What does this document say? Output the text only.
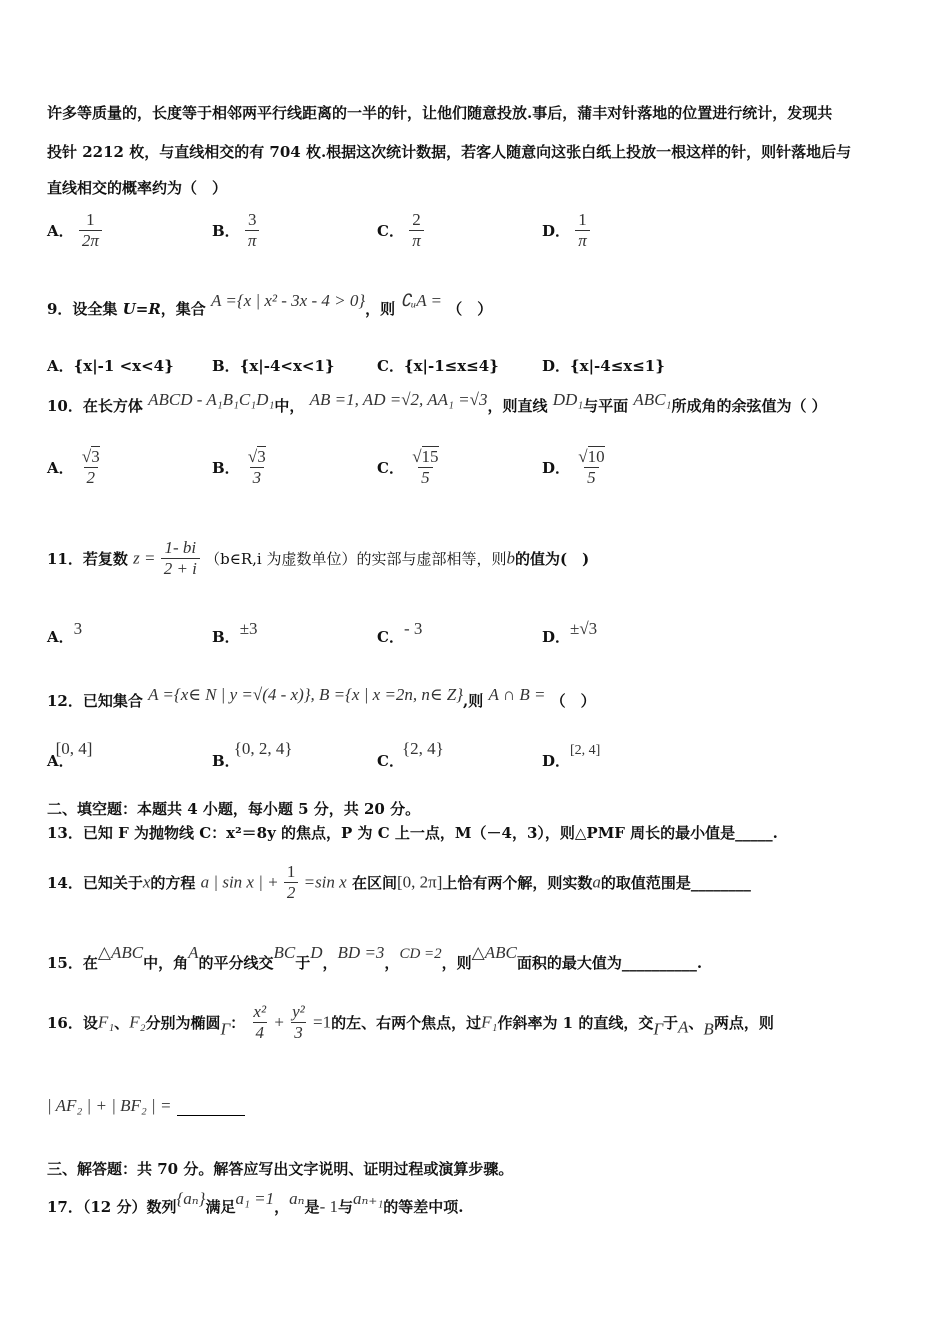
许多等质量的，长度等于相邻两平行线距离的一半的针，让他们随意投放.事后，蒲丰对针落地的位置进行统计，发现共
投针 2212 枚，与直线相交的有 704 枚.根据这次统计数据，若客人随意向这张白纸上投放一根这样的针，则针落地后与
直线相交的概率约为（　）
A． $\frac{1}{2\pi}$	B． $\frac{3}{\pi}$	C． $\frac{2}{\pi}$	D． $\frac{1}{\pi}$
9．设全集 U=R，集合 A ={x | x² - 3x - 4 > 0}，则 ∁ᵤA = （　）
A．{x|-1 <x<4}	B．{x|-4<x<1}	C．{x|-1≤x≤4}	D．{x|-4≤x≤1}
10．在长方体 ABCD - A₁B₁C₁D₁中， AB =1, AD =√2, AA₁ =√3，则直线 DD₁与平面 ABC₁所成角的余弦值为（ ）
A． $\frac{√3}{2}$	B． $\frac{√3}{3}$	C． $\frac{√15}{5}$	D． $\frac{√10}{5}$
11．若复数 $z = \frac{1- bi}{2 + i}$ （b∈R,i 为虚数单位）的实部与虚部相等，则b的值为(　)
A．3	B．±3	C．- 3	D．±√3
12．已知集合 A ={x∈ N | y =√(4 - x)}, B ={x | x =2n, n∈ Z},则 A ∩ B = （　）
A．[0, 4]
B．{0, 2, 4}
C．{2, 4}
D．[2, 4]
二、填空题：本题共 4 小题，每小题 5 分，共 20 分。
13．已知 F 为抛物线 C：x²＝8y 的焦点，P 为 C 上一点，M（－4，3），则△PMF 周长的最小值是_____.
14．已知关于x的方程 a | sin x | + $\frac{1}{2} =\sin$ x 在区间[0, 2π]上恰有两个解，则实数a的取值范围是________
15．在△ABC中，角A的平分线交BC于D，BD =3，CD =2，则△ABC面积的最大值为__________.
16．设F₁、F₂分别为椭圆Γ： $\frac{\text{x²}}{4} + \frac{\text{y²}}{3} =1$的左、右两个焦点，过F₁作斜率为 1 的直线，交Γ于A、B两点，则
| AF₂ | + | BF₂ | =
三、解答题：共 70 分。解答应写出文字说明、证明过程或演算步骤。
17．（12 分）数列{aₙ}满足a₁ =1，aₙ是- 1与aₙ₊₁的等差中项.
